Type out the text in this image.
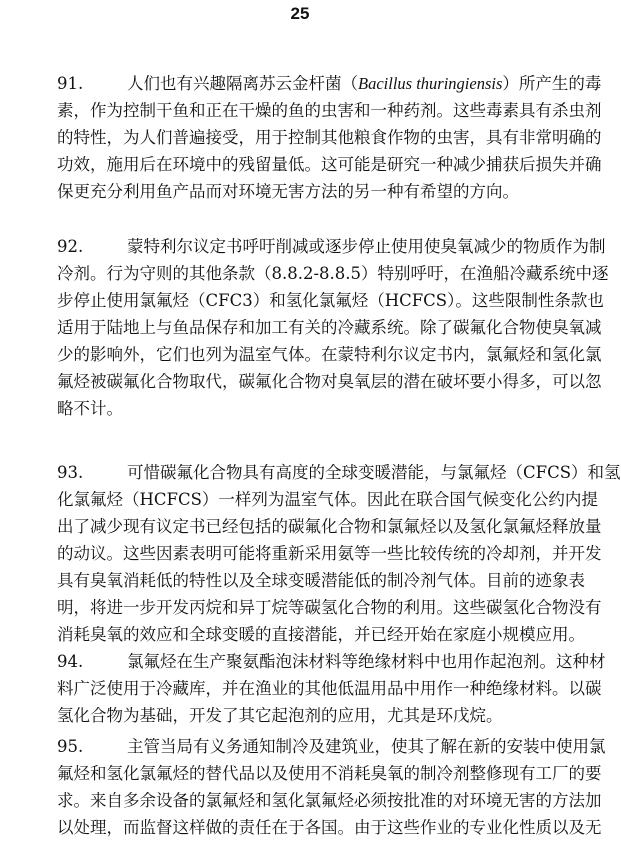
25
91.	人们也有兴趣隔离苏云金杆菌（Bacillus thuringiensis）所产生的毒
素，作为控制干鱼和正在干燥的鱼的虫害和一种药剂。这些毒素具有杀虫剂
的特性，为人们普遍接受，用于控制其他粮食作物的虫害，具有非常明确的
功效，施用后在环境中的残留量低。这可能是研究一种减少捕获后损失并确
保更充分利用鱼产品而对环境无害方法的另一种有希望的方向。
92.	蒙特利尔议定书呼吁削减或逐步停止使用使臭氧减少的物质作为制
冷剂。行为守则的其他条款（8.8.2-8.8.5）特别呼吁，在渔船冷藏系统中逐
步停止使用氯氟烃（CFC3）和氢化氯氟烃（HCFCS）。这些限制性条款也
适用于陆地上与鱼品保存和加工有关的冷藏系统。除了碳氟化合物使臭氧减
少的影响外，它们也列为温室气体。在蒙特利尔议定书内，氯氟烃和氢化氯
氟烃被碳氟化合物取代，碳氟化合物对臭氧层的潜在破坏要小得多，可以忽
略不计。
93.	可惜碳氟化合物具有高度的全球变暖潜能，与氯氟烃（CFCS）和氢
化氯氟烃（HCFCS）一样列为温室气体。因此在联合国气候变化公约内提
出了减少现有议定书已经包括的碳氟化合物和氯氟烃以及氢化氯氟烃释放量
的动议。这些因素表明可能将重新采用氨等一些比较传统的冷却剂，并开发
具有臭氧消耗低的特性以及全球变暖潜能低的制冷剂气体。目前的迹象表
明，将进一步开发丙烷和异丁烷等碳氢化合物的利用。这些碳氢化合物没有
消耗臭氧的效应和全球变暖的直接潜能，并已经开始在家庭小规模应用。
94.	氯氟烃在生产聚氨酯泡沫材料等绝缘材料中也用作起泡剂。这种材
料广泛使用于冷藏库，并在渔业的其他低温用品中用作一种绝缘材料。以碳
氢化合物为基础，开发了其它起泡剂的应用，尤其是环戊烷。
95.	主管当局有义务通知制冷及建筑业，使其了解在新的安装中使用氯
氟烃和氢化氯氟烃的替代品以及使用不消耗臭氧的制冷剂整修现有工厂的要
求。来自多余设备的氯氟烃和氢化氯氟烃必须按批准的对环境无害的方法加
以处理，而监督这样做的责任在于各国。由于这些作业的专业化性质以及无
